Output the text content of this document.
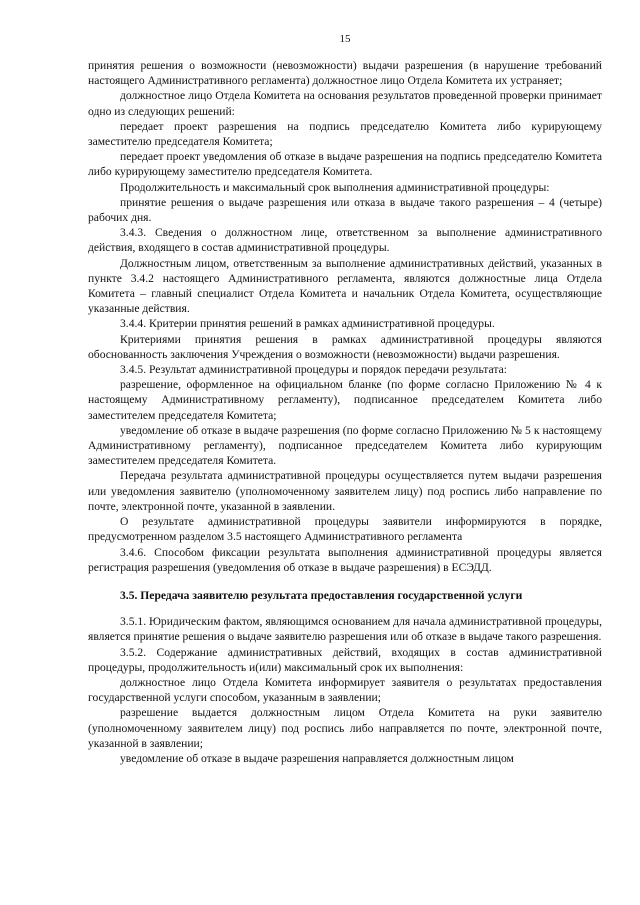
15

принятия решения о возможности (невозможности) выдачи разрешения (в нарушение требований настоящего Административного регламента) должностное лицо Отдела Комитета их устраняет;

должностное лицо Отдела Комитета на основания результатов проведенной проверки принимает одно из следующих решений:

передает проект разрешения на подпись председателю Комитета либо курирующему заместителю председателя Комитета;

передает проект уведомления об отказе в выдаче разрешения на подпись председателю Комитета либо курирующему заместителю председателя Комитета.

Продолжительность и максимальный срок выполнения административной процедуры:

принятие решения о выдаче разрешения или отказа в выдаче такого разрешения – 4 (четыре) рабочих дня.

3.4.3. Сведения о должностном лице, ответственном за выполнение административного действия, входящего в состав административной процедуры.

Должностным лицом, ответственным за выполнение административных действий, указанных в пункте 3.4.2 настоящего Административного регламента, являются должностные лица Отдела Комитета – главный специалист Отдела Комитета и начальник Отдела Комитета, осуществляющие указанные действия.

3.4.4. Критерии принятия решений в рамках административной процедуры.

Критериями принятия решения в рамках административной процедуры являются обоснованность заключения Учреждения о возможности (невозможности) выдачи разрешения.

3.4.5. Результат административной процедуры и порядок передачи результата:

разрешение, оформленное на официальном бланке (по форме согласно Приложению № 4 к настоящему Административному регламенту), подписанное председателем Комитета либо заместителем председателя Комитета;

уведомление об отказе в выдаче разрешения (по форме согласно Приложению № 5 к настоящему Административному регламенту), подписанное председателем Комитета либо курирующим заместителем председателя Комитета.

Передача результата административной процедуры осуществляется путем выдачи разрешения или уведомления заявителю (уполномоченному заявителем лицу) под роспись либо направление по почте, электронной почте, указанной в заявлении.

О результате административной процедуры заявители информируются в порядке, предусмотренном разделом 3.5 настоящего Административного регламента

3.4.6. Способом фиксации результата выполнения административной процедуры является регистрация разрешения (уведомления об отказе в выдаче разрешения) в ЕСЭДД.

3.5. Передача заявителю результата предоставления государственной услуги

3.5.1. Юридическим фактом, являющимся основанием для начала административной процедуры, является принятие решения о выдаче заявителю разрешения или об отказе в выдаче такого разрешения.

3.5.2. Содержание административных действий, входящих в состав административной процедуры, продолжительность и(или) максимальный срок их выполнения:

должностное лицо Отдела Комитета информирует заявителя о результатах предоставления государственной услуги способом, указанным в заявлении;

разрешение выдается должностным лицом Отдела Комитета на руки заявителю (уполномоченному заявителем лицу) под роспись либо направляется по почте, электронной почте, указанной в заявлении;

уведомление об отказе в выдаче разрешения направляется должностным лицом
